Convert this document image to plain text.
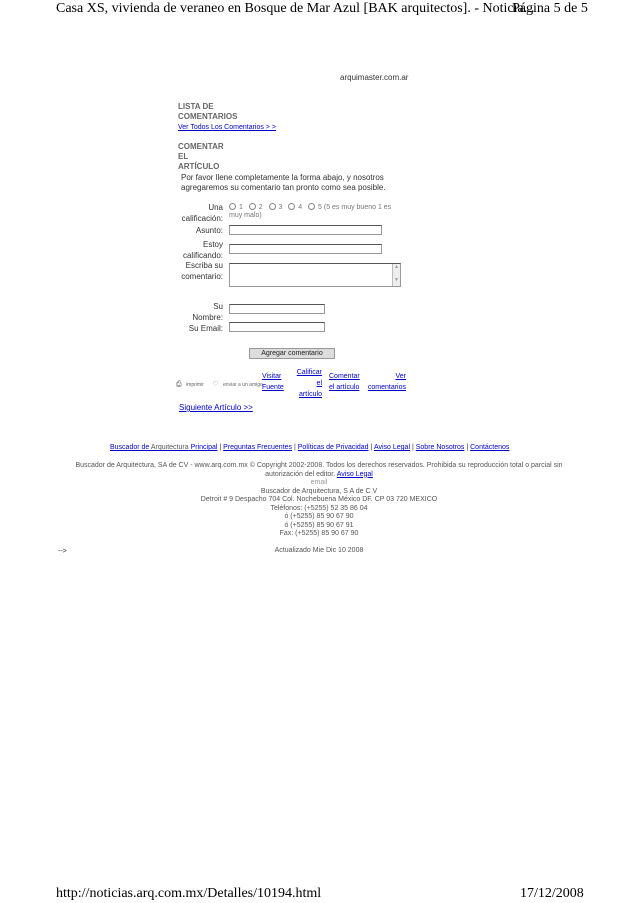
Casa XS, vivienda de veraneo en Bosque de Mar Azul [BAK arquitectos]. - Noticia...
Página 5 de 5
http://noticias.arq.com.mx/Detalles/10194.html	17/12/2008
arquimaster.com.ar
LISTA DE
COMENTARIOS
Ver Todos Los Comentarios > >
COMENTAR
EL
ARTÍCULO
Por favor llene completamente la forma abajo, y nosotros
agregaremos su comentario tan pronto como sea posible.
Una
calificación:
1 2 3 4 5 (5 es muy bueno 1 es
muy malo)
Asunto:
Estoy
calificando:
Escriba su
comentario:
▲
▼
Su
Nombre:
Su Email:
Agregar comentario
⎙ imprimir ♡ enviar a un amigo
Visitar
Fuente
Calificar
el
artículo
Comentar
el artículo
Ver
comentarios
Siguiente Artículo >>
Buscador de Arquitectura Principal | Preguntas Frecuentes | Políticas de Privacidad | Aviso Legal | Sobre Nosotros | Contáctenos
Buscador de Arquitectura, SA de CV - www.arq.com.mx © Copyright 2002-2008. Todos los derechos reservados. Prohibida su reproducción total o parcial sin
autorización del editor. Aviso Legal
email
Buscador de Arquitectura, S A de C V
Detroit # 9 Despacho 704 Col. Nochebuena México DF. CP 03 720 MEXICO
Teléfonos: (+5255) 52 35 86 04
ó (+5255) 85 90 67 90
ó (+5255) 85 90 67 91
Fax: (+5255) 85 90 67 90
Actualizado Mie Dic 10 2008
-->
